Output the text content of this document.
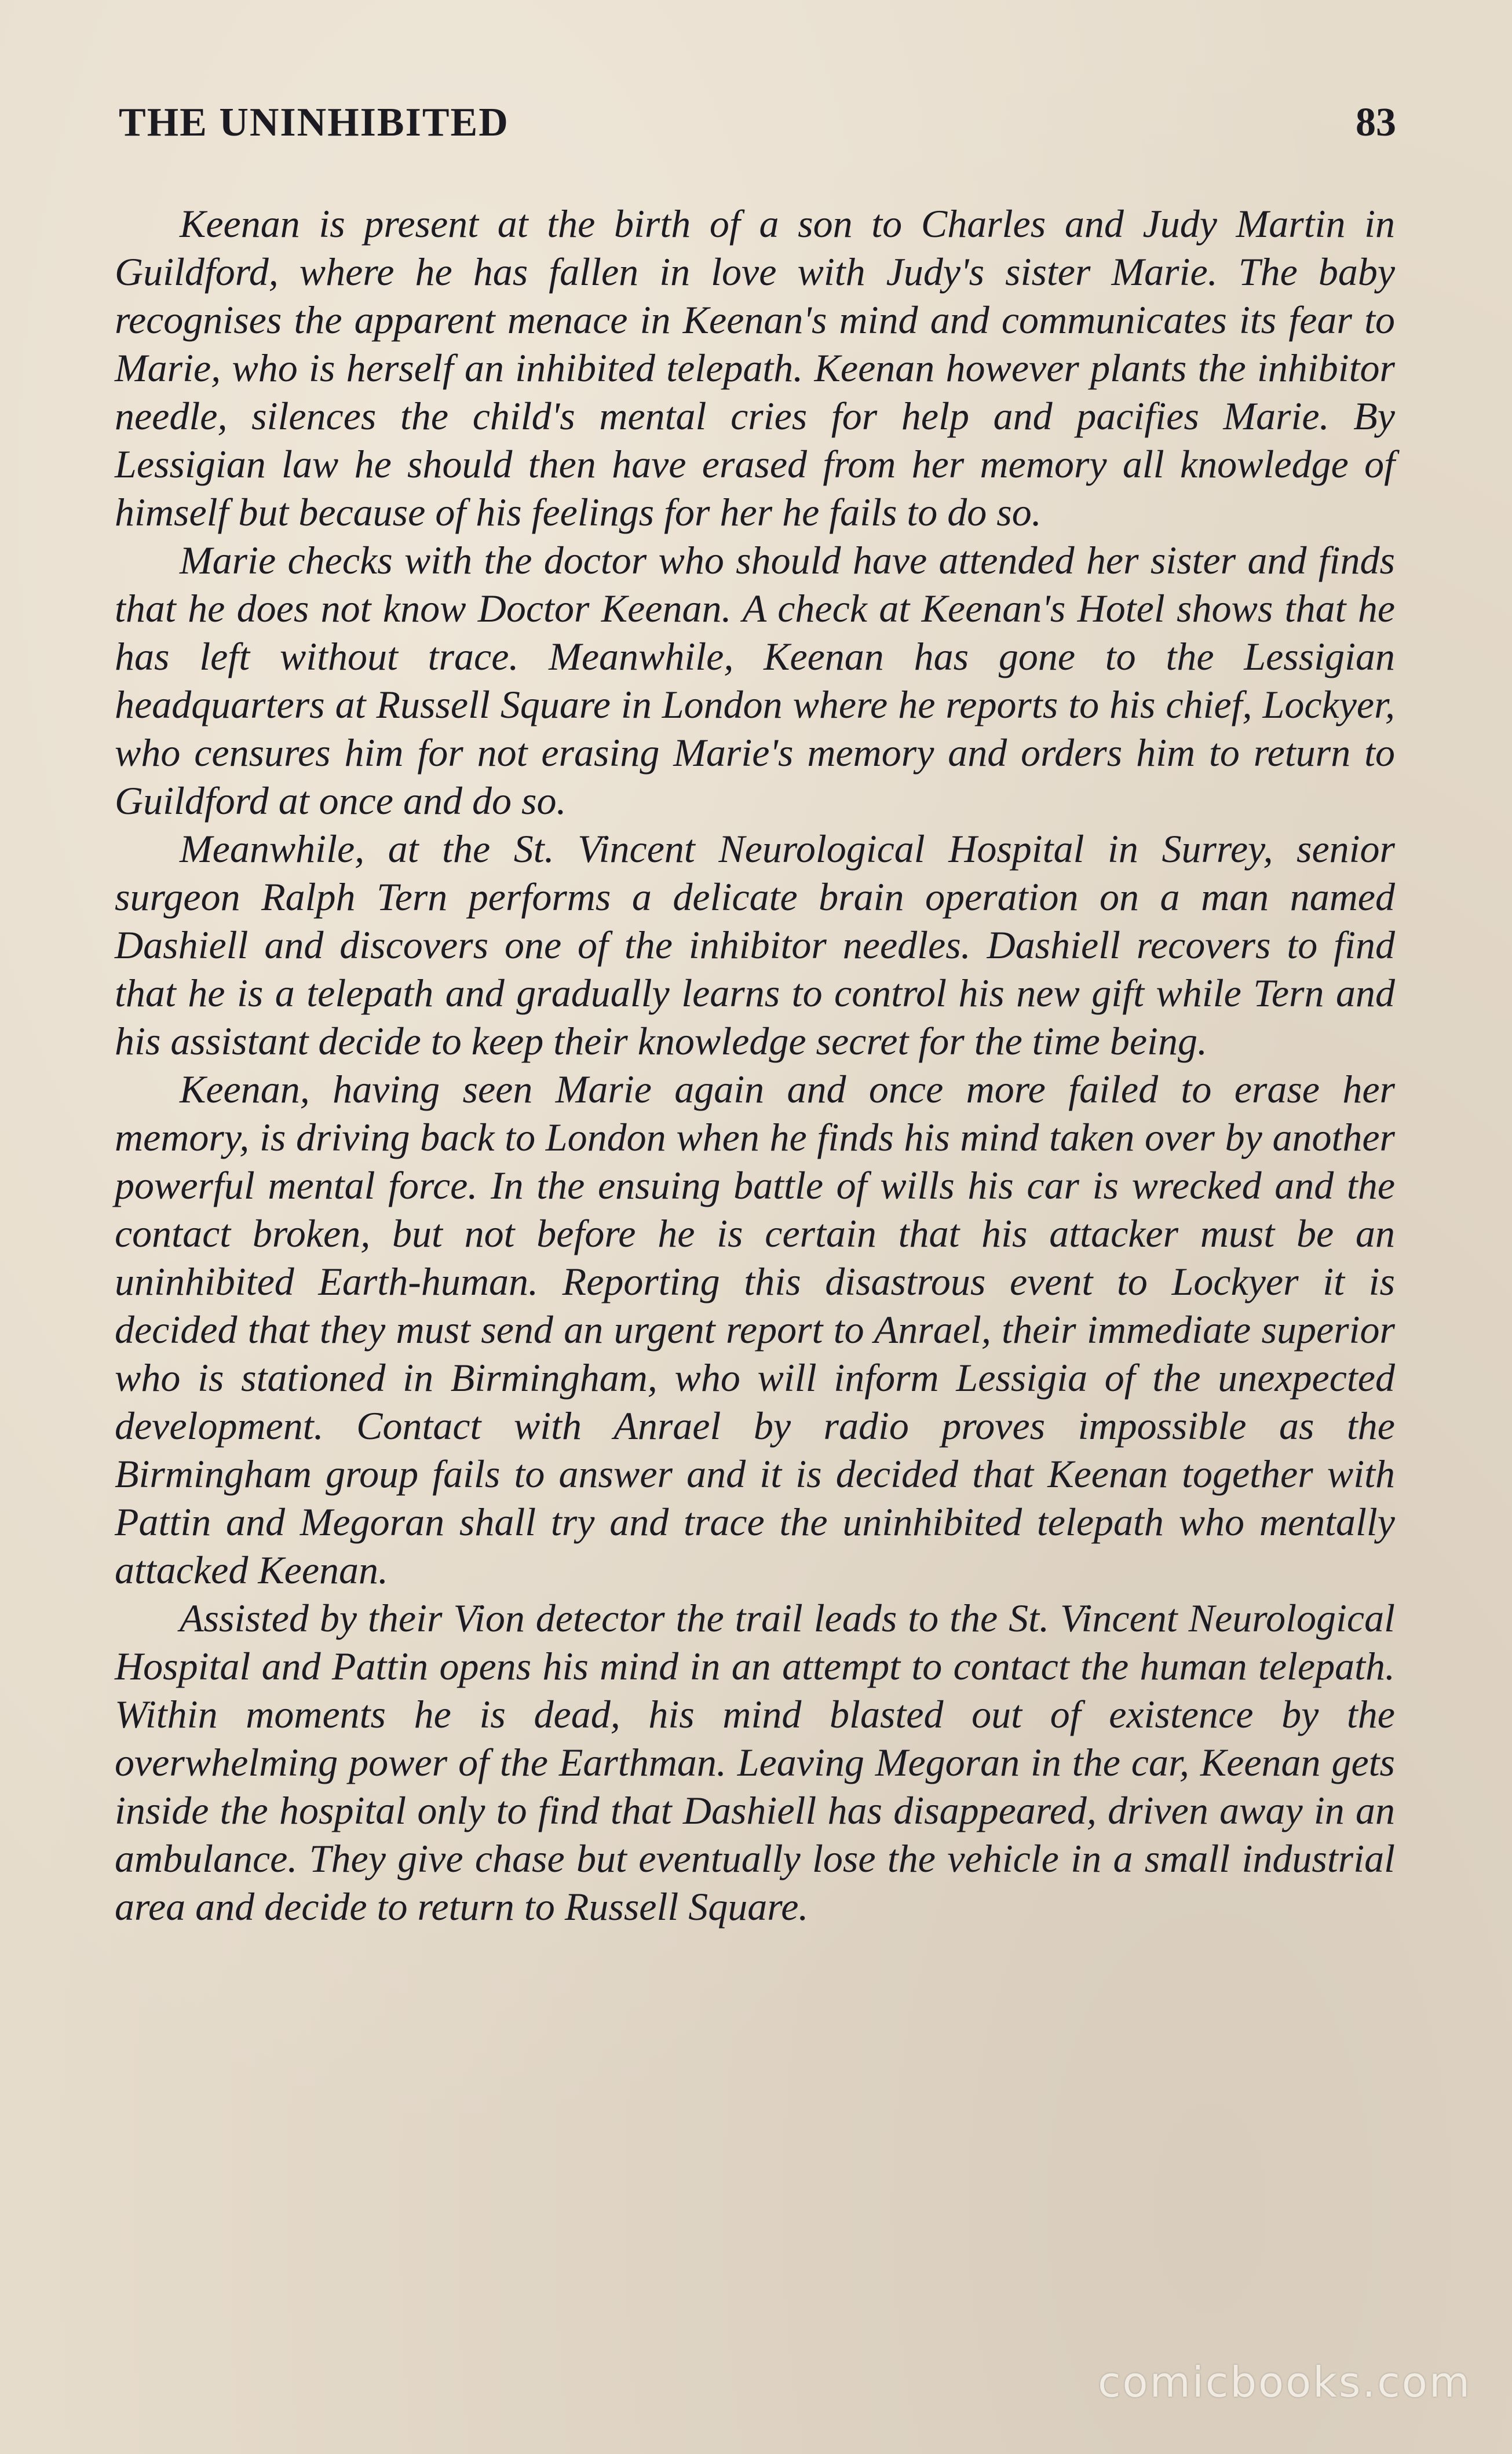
THE UNINHIBITED	83

Keenan is present at the birth of a son to Charles and Judy Martin in Guildford, where he has fallen in love with Judy's sister Marie. The baby recognises the apparent menace in Keenan's mind and communicates its fear to Marie, who is herself an inhibited telepath. Keenan however plants the inhibitor needle, silences the child's mental cries for help and pacifies Marie. By Lessigian law he should then have erased from her memory all knowledge of himself but because of his feelings for her he fails to do so.

Marie checks with the doctor who should have attended her sister and finds that he does not know Doctor Keenan. A check at Keenan's Hotel shows that he has left without trace. Meanwhile, Keenan has gone to the Lessigian headquarters at Russell Square in London where he reports to his chief, Lockyer, who censures him for not erasing Marie's memory and orders him to return to Guildford at once and do so.

Meanwhile, at the St. Vincent Neurological Hospital in Surrey, senior surgeon Ralph Tern performs a delicate brain operation on a man named Dashiell and discovers one of the inhibitor needles. Dashiell recovers to find that he is a telepath and gradually learns to control his new gift while Tern and his assistant decide to keep their knowledge secret for the time being.

Keenan, having seen Marie again and once more failed to erase her memory, is driving back to London when he finds his mind taken over by another powerful mental force. In the ensuing battle of wills his car is wrecked and the contact broken, but not before he is certain that his attacker must be an uninhibited Earth-human. Reporting this disastrous event to Lockyer it is decided that they must send an urgent report to Anrael, their immediate superior who is stationed in Birmingham, who will inform Lessigia of the unexpected development. Contact with Anrael by radio proves impossible as the Birmingham group fails to answer and it is decided that Keenan together with Pattin and Megoran shall try and trace the uninhibited telepath who mentally attacked Keenan.

Assisted by their Vion detector the trail leads to the St. Vincent Neurological Hospital and Pattin opens his mind in an attempt to contact the human telepath. Within moments he is dead, his mind blasted out of existence by the overwhelming power of the Earthman. Leaving Megoran in the car, Keenan gets inside the hospital only to find that Dashiell has disappeared, driven away in an ambulance. They give chase but eventually lose the vehicle in a small industrial area and decide to return to Russell Square.

comicbooks.com
